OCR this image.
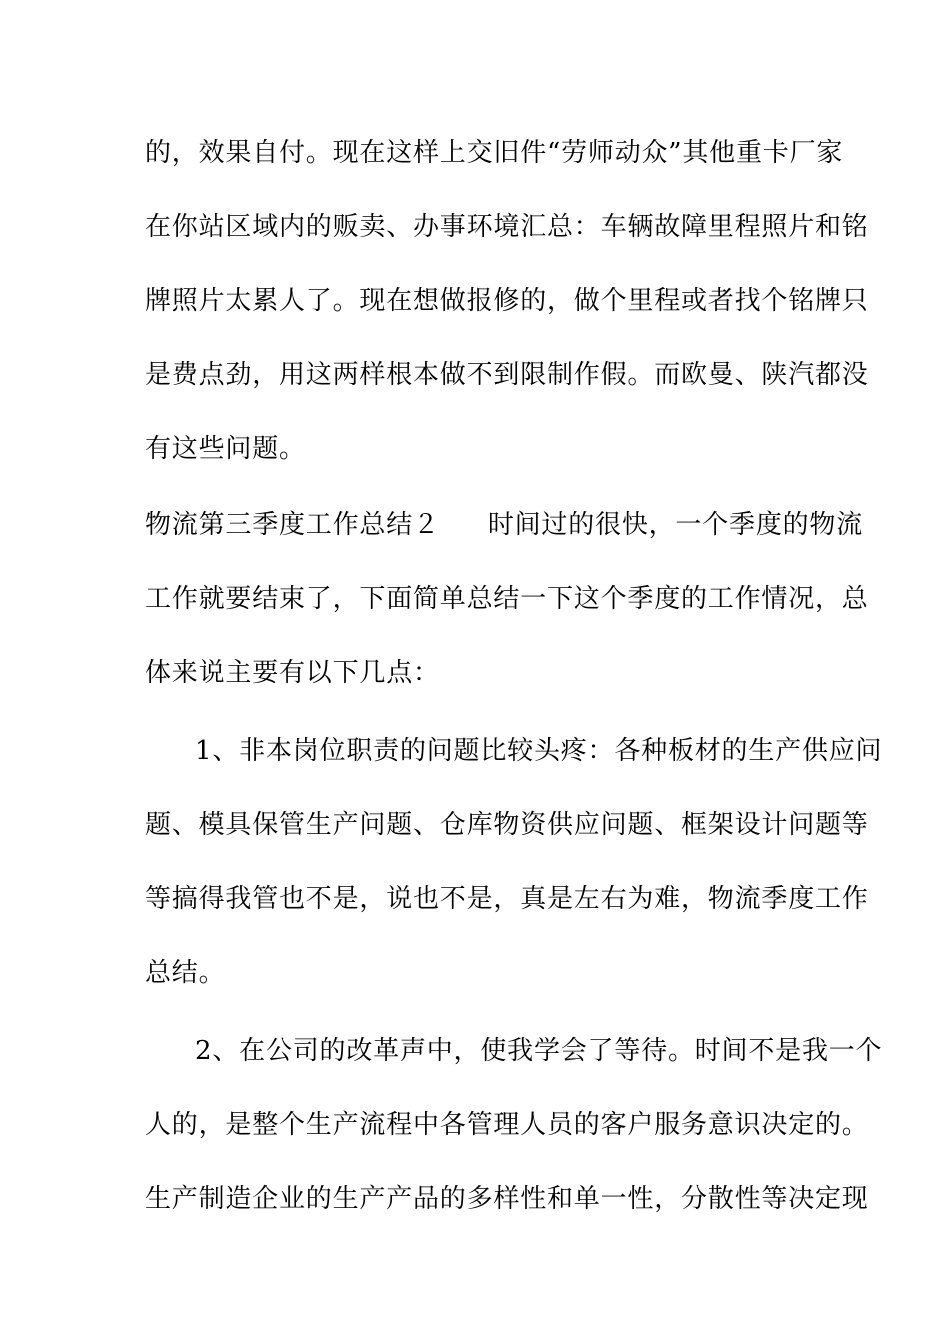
的，效果自付。现在这样上交旧件“劳师动众”其他重卡厂家
在你站区域内的贩卖、办事环境汇总：车辆故障里程照片和铭
牌照片太累人了。现在想做报修的，做个里程或者找个铭牌只
是费点劲，用这两样根本做不到限制作假。而欧曼、陕汽都没
有这些问题。
物流第三季度工作总结２ 时间过的很快，一个季度的物流
工作就要结束了，下面简单总结一下这个季度的工作情况，总
体来说主要有以下几点：
1、非本岗位职责的问题比较头疼：各种板材的生产供应问
题、模具保管生产问题、仓库物资供应问题、框架设计问题等
等搞得我管也不是，说也不是，真是左右为难，物流季度工作
总结。
2、在公司的改革声中，使我学会了等待。时间不是我一个
人的，是整个生产流程中各管理人员的客户服务意识决定的。
生产制造企业的生产产品的多样性和单一性，分散性等决定现
